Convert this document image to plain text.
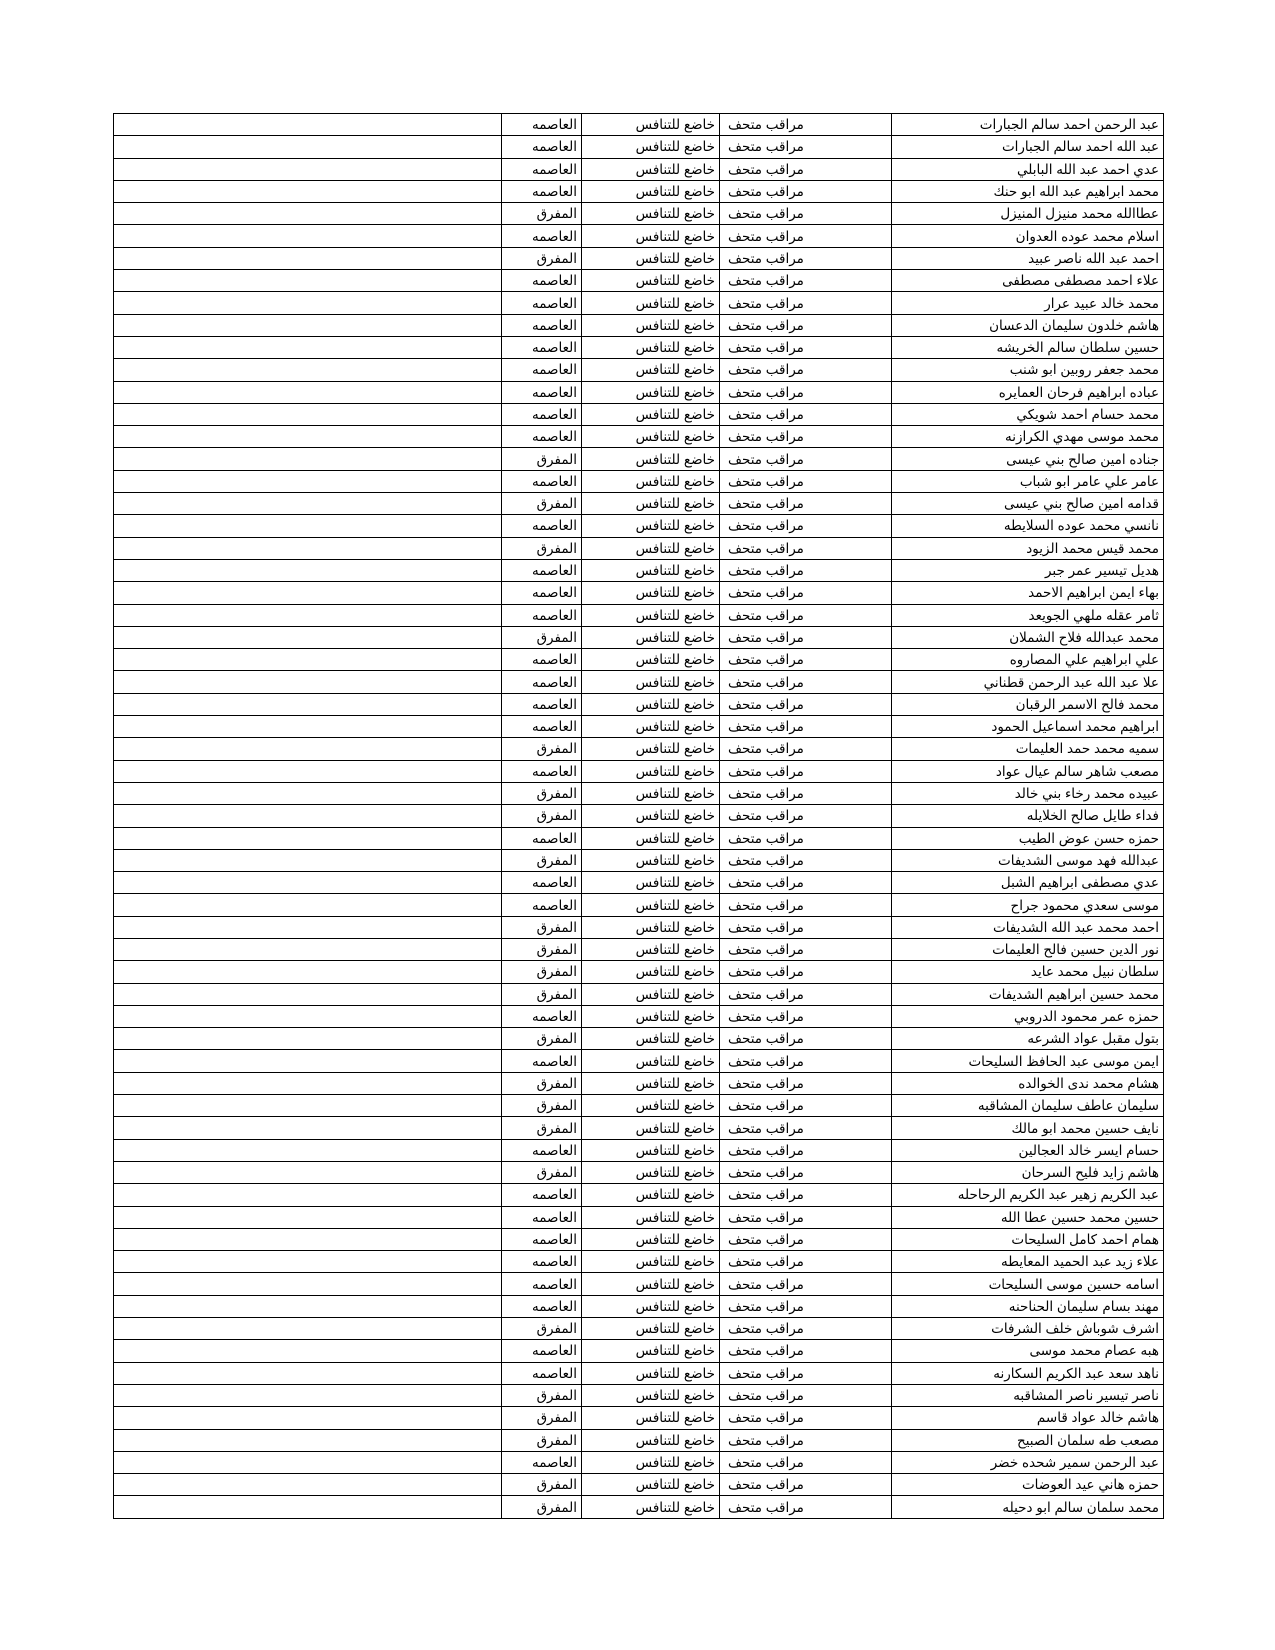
عبد الرحمن احمد سالم الجبارات	مراقب متحف	خاضع للتنافس	العاصمه	
عبد الله احمد سالم الجبارات	مراقب متحف	خاضع للتنافس	العاصمه	
عدي احمد عبد الله البابلي	مراقب متحف	خاضع للتنافس	العاصمه	
محمد ابراهيم عبد الله ابو حنك	مراقب متحف	خاضع للتنافس	العاصمه	
عطاالله محمد منيزل المنيزل	مراقب متحف	خاضع للتنافس	المفرق	
اسلام محمد عوده العدوان	مراقب متحف	خاضع للتنافس	العاصمه	
احمد عبد الله ناصر عبيد	مراقب متحف	خاضع للتنافس	المفرق	
علاء احمد مصطفى مصطفى	مراقب متحف	خاضع للتنافس	العاصمه	
محمد خالد عبيد عرار	مراقب متحف	خاضع للتنافس	العاصمه	
هاشم خلدون سليمان الدعسان	مراقب متحف	خاضع للتنافس	العاصمه	
حسين سلطان سالم الخريشه	مراقب متحف	خاضع للتنافس	العاصمه	
محمد جعفر روبين ابو شنب	مراقب متحف	خاضع للتنافس	العاصمه	
عباده ابراهيم فرحان العمايره	مراقب متحف	خاضع للتنافس	العاصمه	
محمد حسام احمد شويكي	مراقب متحف	خاضع للتنافس	العاصمه	
محمد موسى مهدي الكرازنه	مراقب متحف	خاضع للتنافس	العاصمه	
جناده امين صالح بني عيسى	مراقب متحف	خاضع للتنافس	المفرق	
عامر علي عامر ابو شباب	مراقب متحف	خاضع للتنافس	العاصمه	
قدامه امين صالح بني عيسى	مراقب متحف	خاضع للتنافس	المفرق	
نانسي محمد عوده السلايطه	مراقب متحف	خاضع للتنافس	العاصمه	
محمد قيس محمد الزيود	مراقب متحف	خاضع للتنافس	المفرق	
هديل تيسير عمر جبر	مراقب متحف	خاضع للتنافس	العاصمه	
بهاء ايمن ابراهيم الاحمد	مراقب متحف	خاضع للتنافس	العاصمه	
ثامر عقله ملهي الجويعد	مراقب متحف	خاضع للتنافس	العاصمه	
محمد عبدالله فلاح الشملان	مراقب متحف	خاضع للتنافس	المفرق	
علي ابراهيم علي المصاروه	مراقب متحف	خاضع للتنافس	العاصمه	
علا عبد الله عبد الرحمن قطناني	مراقب متحف	خاضع للتنافس	العاصمه	
محمد فالح الاسمر الرقبان	مراقب متحف	خاضع للتنافس	العاصمه	
ابراهيم محمد اسماعيل الحمود	مراقب متحف	خاضع للتنافس	العاصمه	
سميه محمد حمد العليمات	مراقب متحف	خاضع للتنافس	المفرق	
مصعب شاهر سالم عيال عواد	مراقب متحف	خاضع للتنافس	العاصمه	
عبيده محمد رخاء بني خالد	مراقب متحف	خاضع للتنافس	المفرق	
فداء طايل صالح الخلايله	مراقب متحف	خاضع للتنافس	المفرق	
حمزه حسن عوض الطيب	مراقب متحف	خاضع للتنافس	العاصمه	
عبدالله فهد موسى الشديفات	مراقب متحف	خاضع للتنافس	المفرق	
عدي مصطفى ابراهيم الشبل	مراقب متحف	خاضع للتنافس	العاصمه	
موسى سعدي محمود جراح	مراقب متحف	خاضع للتنافس	العاصمه	
احمد محمد عبد الله الشديفات	مراقب متحف	خاضع للتنافس	المفرق	
نور الدين حسين فالح العليمات	مراقب متحف	خاضع للتنافس	المفرق	
سلطان نبيل محمد عايد	مراقب متحف	خاضع للتنافس	المفرق	
محمد حسين ابراهيم الشديفات	مراقب متحف	خاضع للتنافس	المفرق	
حمزه عمر محمود الدروبي	مراقب متحف	خاضع للتنافس	العاصمه	
بتول مقبل عواد الشرعه	مراقب متحف	خاضع للتنافس	المفرق	
ايمن موسى عبد الحافظ السليحات	مراقب متحف	خاضع للتنافس	العاصمه	
هشام محمد ندى الخوالده	مراقب متحف	خاضع للتنافس	المفرق	
سليمان عاطف سليمان المشاقبه	مراقب متحف	خاضع للتنافس	المفرق	
نايف حسين محمد ابو مالك	مراقب متحف	خاضع للتنافس	المفرق	
حسام ايسر خالد العجالين	مراقب متحف	خاضع للتنافس	العاصمه	
هاشم زايد فليح السرحان	مراقب متحف	خاضع للتنافس	المفرق	
عبد الكريم زهير عبد الكريم الرحاحله	مراقب متحف	خاضع للتنافس	العاصمه	
حسين محمد حسين عطا الله	مراقب متحف	خاضع للتنافس	العاصمه	
همام احمد كامل السليحات	مراقب متحف	خاضع للتنافس	العاصمه	
علاء زيد عبد الحميد المعايطه	مراقب متحف	خاضع للتنافس	العاصمه	
اسامه حسين موسى السليحات	مراقب متحف	خاضع للتنافس	العاصمه	
مهند بسام سليمان الحناحنه	مراقب متحف	خاضع للتنافس	العاصمه	
اشرف شوباش خلف الشرفات	مراقب متحف	خاضع للتنافس	المفرق	
هبه عصام محمد موسى	مراقب متحف	خاضع للتنافس	العاصمه	
ناهد سعد عبد الكريم السكارنه	مراقب متحف	خاضع للتنافس	العاصمه	
ناصر تيسير ناصر المشاقبه	مراقب متحف	خاضع للتنافس	المفرق	
هاشم خالد عواد قاسم	مراقب متحف	خاضع للتنافس	المفرق	
مصعب طه سلمان الصبيح	مراقب متحف	خاضع للتنافس	المفرق	
عبد الرحمن سمير شحده خضر	مراقب متحف	خاضع للتنافس	العاصمه	
حمزه هاني عيد العوضات	مراقب متحف	خاضع للتنافس	المفرق	
محمد سلمان سالم ابو دحيله	مراقب متحف	خاضع للتنافس	المفرق	
